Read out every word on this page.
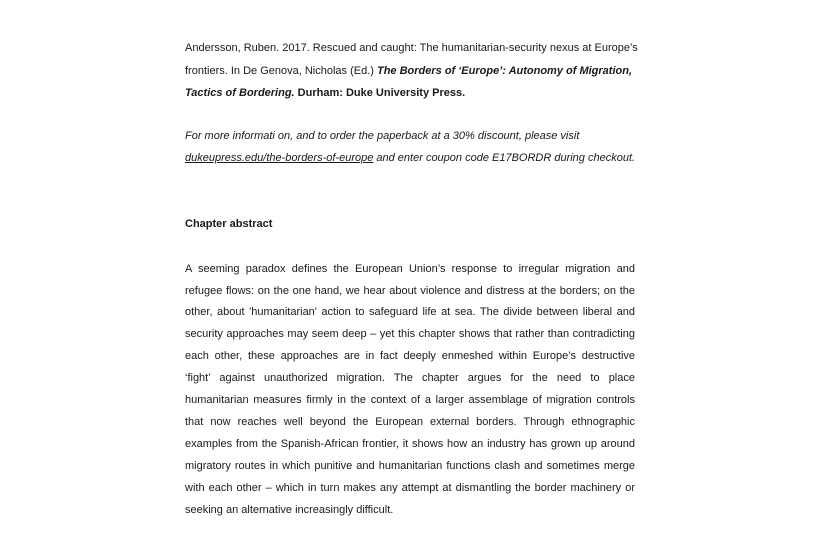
Andersson, Ruben. 2017. Rescued and caught: The humanitarian-security nexus at Europe’s
frontiers. In De Genova, Nicholas (Ed.) The Borders of ‘Europe’: Autonomy of Migration,
Tactics of Bordering. Durham: Duke University Press.
For more informati on, and to order the paperback at a 30% discount, please visit
dukeupress.edu/the-borders-of-europe and enter coupon code E17BORDR during checkout.
Chapter abstract
A seeming paradox defines the European Union’s response to irregular migration and
refugee flows: on the one hand, we hear about violence and distress at the borders; on the
other, about 'humanitarian' action to safeguard life at sea. The divide between liberal and
security approaches may seem deep – yet this chapter shows that rather than contradicting
each other, these approaches are in fact deeply enmeshed within Europe’s destructive
‘fight’ against unauthorized migration. The chapter argues for the need to place
humanitarian measures firmly in the context of a larger assemblage of migration controls
that now reaches well beyond the European external borders. Through ethnographic
examples from the Spanish-African frontier, it shows how an industry has grown up around
migratory routes in which punitive and humanitarian functions clash and sometimes merge
with each other – which in turn makes any attempt at dismantling the border machinery or
seeking an alternative increasingly difficult.
